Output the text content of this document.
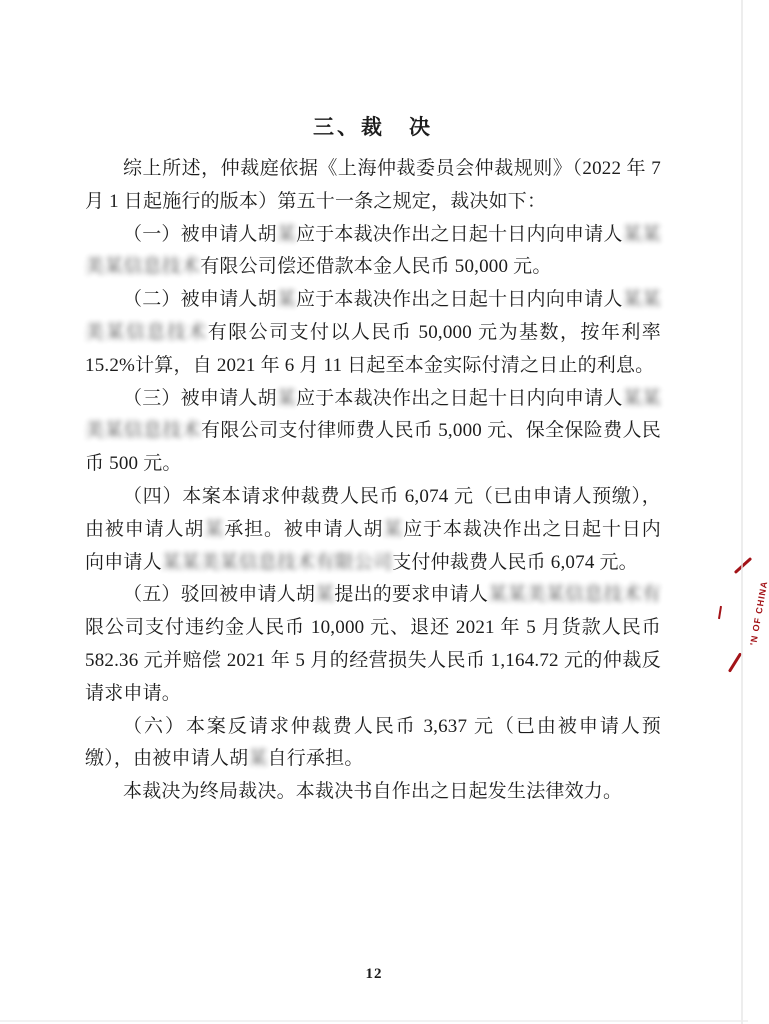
三、裁　决

综上所述，仲裁庭依据《上海仲裁委员会仲裁规则》（2022 年 7 月 1 日起施行的版本）第五十一条之规定，裁决如下：

（一）被申请人胡某应于本裁决作出之日起十日内向申请人某某美某信息技术有限公司偿还借款本金人民币 50,000 元。

（二）被申请人胡某应于本裁决作出之日起十日内向申请人某某美某信息技术有限公司支付以人民币 50,000 元为基数，按年利率 15.2%计算，自 2021 年 6 月 11 日起至本金实际付清之日止的利息。

（三）被申请人胡某应于本裁决作出之日起十日内向申请人某某美某信息技术有限公司支付律师费人民币 5,000 元、保全保险费人民币 500 元。

（四）本案本请求仲裁费人民币 6,074 元（已由申请人预缴），由被申请人胡某承担。被申请人胡某应于本裁决作出之日起十日内向申请人某某美某信息技术有限公司支付仲裁费人民币 6,074 元。

（五）驳回被申请人胡某提出的要求申请人某某美某信息技术有限公司支付违约金人民币 10,000 元、退还 2021 年 5 月货款人民币 582.36 元并赔偿 2021 年 5 月的经营损失人民币 1,164.72 元的仲裁反请求申请。

（六）本案反请求仲裁费人民币 3,637 元（已由被申请人预缴），由被申请人胡某自行承担。

本裁决为终局裁决。本裁决书自作出之日起发生法律效力。

'N OF CHINA
12
